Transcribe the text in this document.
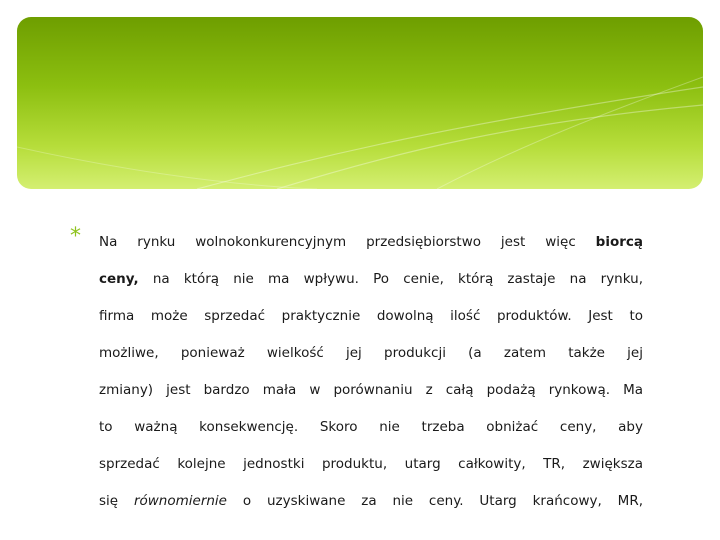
* Na rynku wolnokonkurencyjnym przedsiębiorstwo jest więc biorcą
ceny, na którą nie ma wpływu. Po cenie, którą zastaje na rynku,
firma może sprzedać praktycznie dowolną ilość produktów. Jest to
możliwe, ponieważ wielkość jej produkcji (a zatem także jej
zmiany) jest bardzo mała w porównaniu z całą podażą rynkową. Ma
to ważną konsekwencję. Skoro nie trzeba obniżać ceny, aby
sprzedać kolejne jednostki produktu, utarg całkowity, TR, zwiększa
się równomiernie o uzyskiwane za nie ceny. Utarg krańcowy, MR,
